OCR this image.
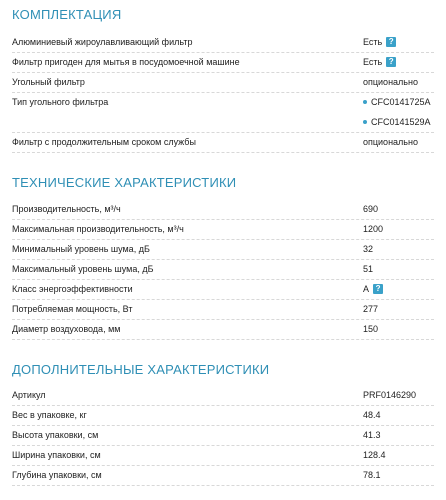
КОМПЛЕКТАЦИЯ
Алюминиевый жироулавливающий фильтр	Есть ?
Фильтр пригоден для мытья в посудомоечной машине	Есть ?
Угольный фильтр	опционально
Тип угольного фильтра	CFC0141725A
CFC0141529A
Фильтр с продолжительным сроком службы	опционально
ТЕХНИЧЕСКИЕ ХАРАКТЕРИСТИКИ
Производительность, м³/ч	690
Максимальная производительность, м³/ч	1200
Минимальный уровень шума, дБ	32
Максимальный уровень шума, дБ	51
Класс энергоэффективности	A ?
Потребляемая мощность, Вт	277
Диаметр воздуховода, мм	150
ДОПОЛНИТЕЛЬНЫЕ ХАРАКТЕРИСТИКИ
Артикул	PRF0146290
Вес в упаковке, кг	48.4
Высота упаковки, см	41.3
Ширина упаковки, см	128.4
Глубина упаковки, см	78.1
